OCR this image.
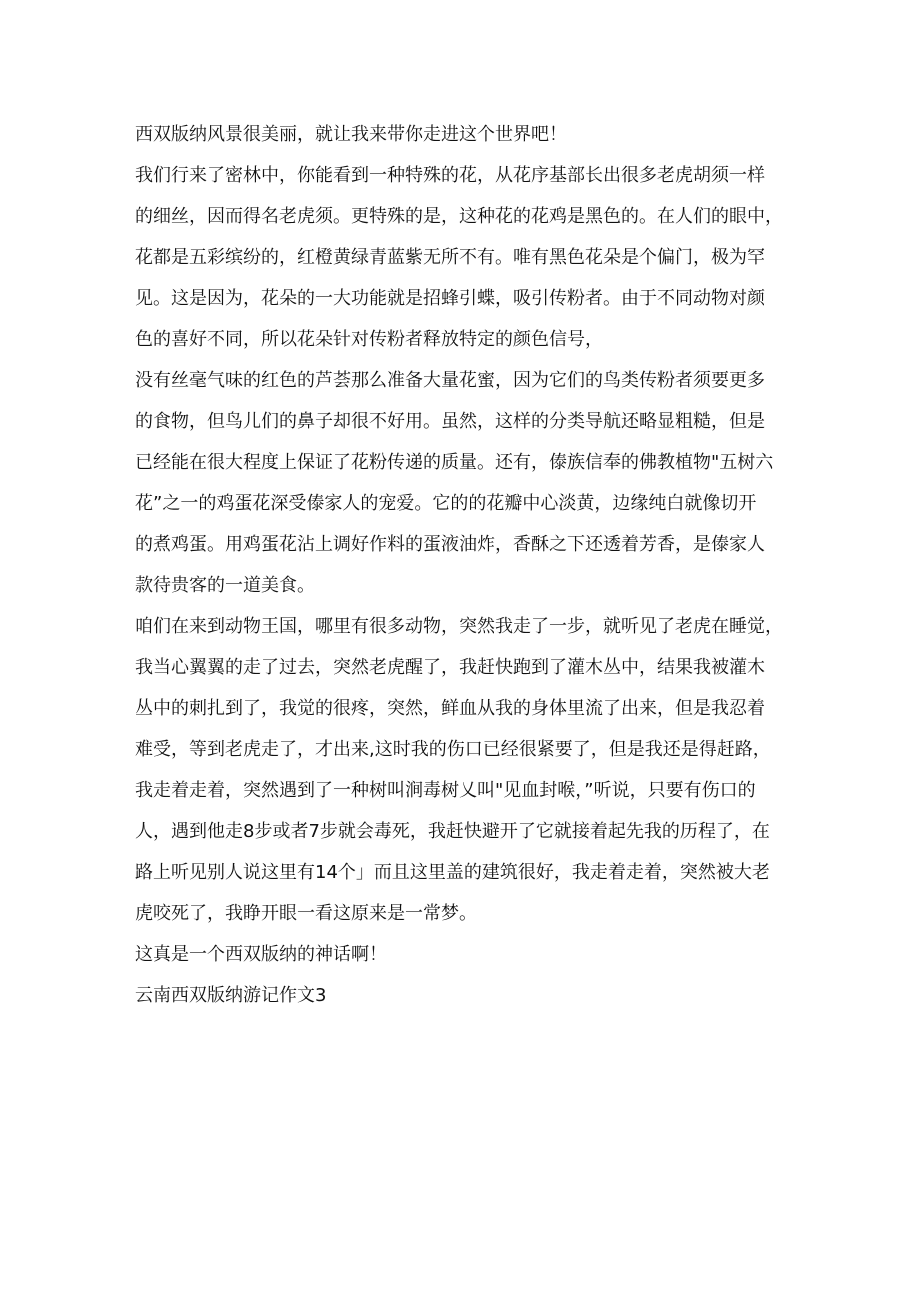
西双版纳风景很美丽，就让我来带你走进这个世界吧！
我们行来了密林中，你能看到一种特殊的花，从花序基部长出很多老虎胡须一样
的细丝，因而得名老虎须。更特殊的是，这种花的花鸡是黑色的。在人们的眼中，
花都是五彩缤纷的，红橙黄绿青蓝紫无所不有。唯有黑色花朵是个偏门，极为罕
见。这是因为，花朵的一大功能就是招蜂引蝶，吸引传粉者。由于不同动物对颜
色的喜好不同，所以花朵针对传粉者释放特定的颜色信号，
没有丝毫气味的红色的芦荟那么准备大量花蜜，因为它们的鸟类传粉者须要更多
的食物，但鸟儿们的鼻子却很不好用。虽然，这样的分类导航还略显粗糙，但是
已经能在很大程度上保证了花粉传递的质量。还有，傣族信奉的佛教植物"五树六
花”之一的鸡蛋花深受傣家人的宠爱。它的的花瓣中心淡黄，边缘纯白就像切开
的煮鸡蛋。用鸡蛋花沾上调好作料的蛋液油炸，香酥之下还透着芳香，是傣家人
款待贵客的一道美食。
咱们在来到动物王国，哪里有很多动物，突然我走了一步，就听见了老虎在睡觉，
我当心翼翼的走了过去，突然老虎醒了，我赶快跑到了灌木丛中，结果我被灌木
丛中的刺扎到了，我觉的很疼，突然，鲜血从我的身体里流了出来，但是我忍着
难受，等到老虎走了，才出来,这时我的伤口已经很紧要了，但是我还是得赶路，
我走着走着，突然遇到了一种树叫涧毒树乂叫"见血封喉，”听说，只要有伤口的
人，遇到他走8步或者7步就会毒死，我赶快避开了它就接着起先我的历程了，在
路上听见别人说这里有14个」而且这里盖的建筑很好，我走着走着，突然被大老
虎咬死了，我睁开眼一看这原来是一常梦。
这真是一个西双版纳的神话啊！
云南西双版纳游记作文3
